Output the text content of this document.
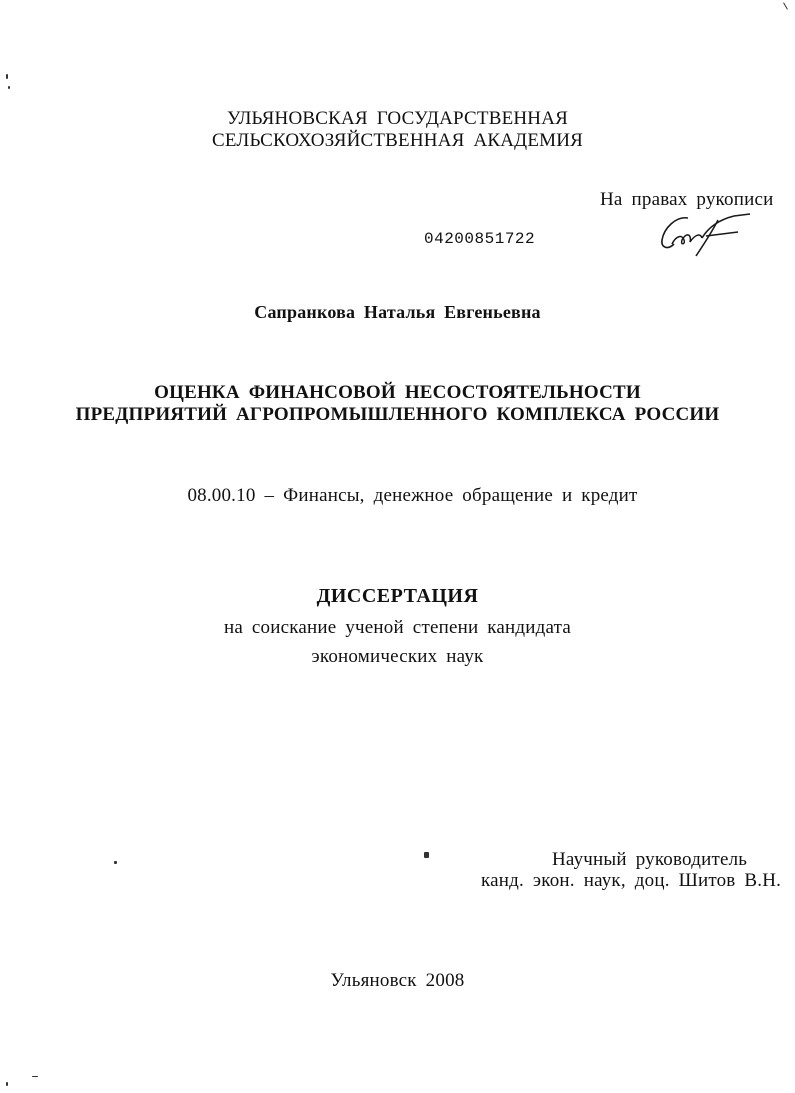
УЛЬЯНОВСКАЯ ГОСУДАРСТВЕННАЯ
СЕЛЬСКОХОЗЯЙСТВЕННАЯ АКАДЕМИЯ
На правах рукописи
04200851722
Сапранкова Наталья Евгеньевна
ОЦЕНКА ФИНАНСОВОЙ НЕСОСТОЯТЕЛЬНОСТИ
ПРЕДПРИЯТИЙ АГРОПРОМЫШЛЕННОГО КОМПЛЕКСА РОССИИ
08.00.10 – Финансы, денежное обращение и кредит
ДИССЕРТАЦИЯ
на соискание ученой степени кандидата
экономических наук
Научный руководитель
канд. экон. наук, доц. Шитов В.Н.
Ульяновск 2008
